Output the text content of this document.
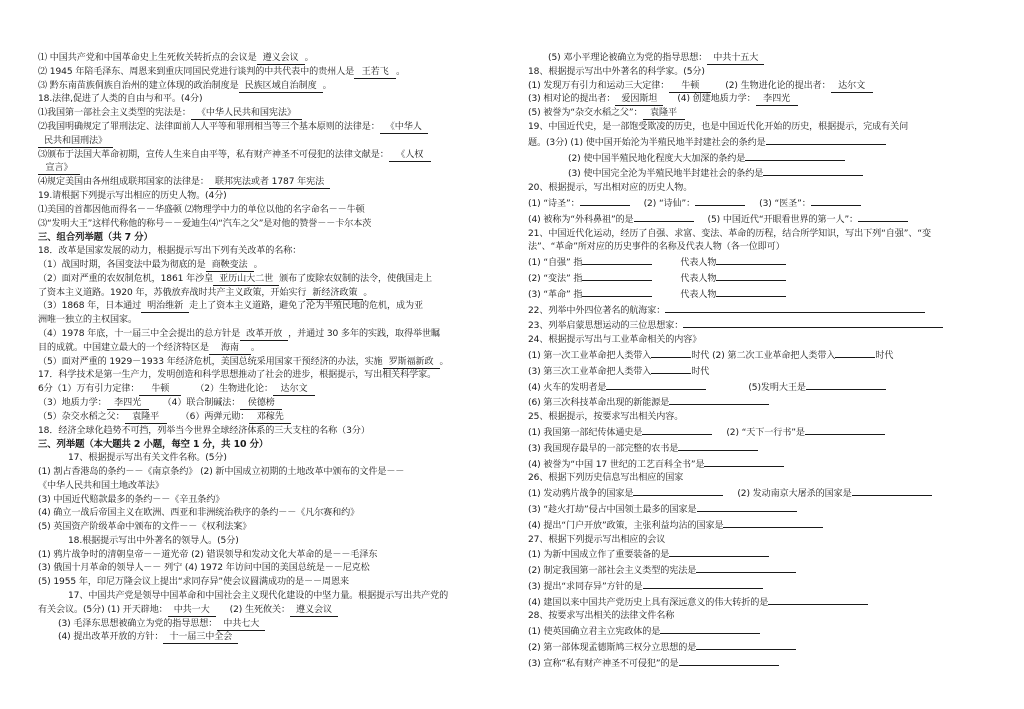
⑴ 中国共产党和中国革命史上生死攸关转折点的会议是 遵义会议 。
⑵ 1945 年陪毛泽东、周恩来到重庆同国民党进行谈判的中共代表中的贵州人是 王若飞 。
⑶ 黔东南苗族侗族自治州的建立体现的政治制度是 民族区域自治制度 。
18.法律,促进了人类的自由与和平。(4分)
⑴我国第一部社会主义类型的宪法是： 《中华人民共和国宪法》
⑵我国明确规定了罪刑法定、法律面前人人平等和罪刑相当等三个基本原则的法律是： 《中华人
民共和国刑法》
⑶颁布于法国大革命初期，宣传人生来自由平等，私有财产神圣不可侵犯的法律文献是： 《人权
宣言》
⑷规定美国由各州组成联邦国家的法律是： 联邦宪法或者 1787 年宪法
19.请根据下列提示写出相应的历史人物。(4分)
⑴美国的首都因他而得名－－华盛顿 ⑵物理学中力的单位以他的名字命名－－牛顿
⑶“发明大王”这样代称他的称号－－爱迪生⑷“汽车之父”是对他的赞誉－－卡尔本茨
三、组合列举题（共 7 分）
18．改革是国家发展的动力，根据提示写出下列有关改革的名称：
（1）战国时期，各国变法中最为彻底的是 商鞅变法 。
（2）面对严重的农奴制危机，1861 年沙皇 亚历山大二世 颁布了废除农奴制的法令，使俄国走上
了资本主义道路。1920 年，苏俄放弃战时共产主义政策，开始实行 新经济政策 。
（3）1868 年，日本通过 明治维新 走上了资本主义道路，避免了沦为半殖民地的危机，成为亚
洲唯一独立的主权国家。
（4）1978 年底，十一届三中全会提出的总方针是 改革开放 ，并通过 30 多年的实践，取得举世瞩
目的成就。中国建立最大的一个经济特区是 海南 。
（5）面对严重的 1929－1933 年经济危机，美国总统采用国家干预经济的办法，实施 罗斯福新政 。
17．科学技术是第一生产力，发明创造和科学思想推动了社会的进步，根据提示，写出相关科学家。
6分（1）万有引力定律： 牛顿	（2）生物进化论： 达尔文
（3）地质力学： 李四光 （4）联合制碱法： 侯德榜
（5）杂交水稻之父： 袁隆平 （6）两弹元勋： 邓稼先
18．经济全球化趋势不可挡，列举当今世界全球经济体系的三大支柱的名称（3分）
三、列举题（本大题共 2 小题，每空 1 分，共 10 分）
17、根据提示写出有关文件名称。(5分)
(1) 割占香港岛的条约－－《南京条约》 (2) 新中国成立初期的土地改革中颁布的文件是－－
《中华人民共和国土地改革法》
(3) 中国近代赔款最多的条约－－《辛丑条约》
(4) 确立一战后帝国主义在欧洲、西亚和非洲统治秩序的条约－－《凡尔赛和约》
(5) 英国资产阶级革命中颁布的文件－－《权利法案》
18.根据提示写出中外著名的领导人。(5分)
(1) 鸦片战争时的清朝皇帝－－道光帝 (2) 错误领导和发动文化大革命的是－－毛泽东
(3) 俄国十月革命的领导人－－ 列宁 (4) 1972 年访问中国的美国总统是－－尼克松
(5) 1955 年，印尼万隆会议上提出“求同存异”使会议圆满成功的是－－周恩来
17、中国共产党是领导中国革命和中国社会主义现代化建设的中坚力量。根据提示写出共产党的
有关会议。(5分) (1) 开天辟地： 中共一大 (2) 生死攸关： 遵义会议
(3) 毛泽东思想被确立为党的指导思想： 中共七大
(4) 提出改革开放的方针： 十一届三中全会
(5) 邓小平理论被确立为党的指导思想： 中共十五大
18、根据提示写出中外著名的科学家。(5分)
(1) 发现万有引力和运动三大定律： 牛顿	(2) 生物进化论的提出者： 达尔文
(3) 相对论的提出者： 爱因斯坦 (4) 创建地质力学： 李四光
(5) 被誉为“杂交水稻之父”： 袁隆平
19、中国近代史，是一部饱受欺凌的历史，也是中国近代化开始的历史，根据提示，完成有关问
题。(3分) (1) 使中国开始沦为半殖民地半封建社会的条约是
(2) 使中国半殖民地化程度大大加深的条约是
(3) 使中国完全沦为半殖民地半封建社会的条约是
20、根据提示，写出相对应的历史人物。
(1) “诗圣”：	(2) “诗仙”：	(3) “医圣”：
(4) 被称为“外科鼻祖”的是	(5) 中国近代“开眼看世界的第一人”：
21、中国近代化运动，经历了自强、求富、变法、革命的历程，结合所学知识，写出下列“自强”、“变
法”、“革命”所对应的历史事件的名称及代表人物（各一位即可）
(1) “自强” 指	代表人物
(2) “变法” 指	代表人物
(3) “革命” 指	代表人物
22、列举中外四位著名的航海家：
23、列举启蒙思想运动的三位思想家：
24、根据提示写出与工业革命相关的内容》
(1) 第一次工业革命把人类带入	时代 (2) 第二次工业革命把人类带入	时代
(3) 第三次工业革命把人类带入	时代
(4) 火车的发明者是	(5)发明大王是
(6) 第三次科技革命出现的新能源是
25、根据提示，按要求写出相关内容。
(1) 我国第一部纪传体通史是	(2) “天下一行书”是
(3) 我国现存最早的一部完整的农书是
(4) 被誉为“中国 17 世纪的工艺百科全书”是
26、根据下列历史信息写出相应的国家
(1) 发动鸦片战争的国家是	(2) 发动南京大屠杀的国家是
(3) “趁火打劫”侵占中国领土最多的国家是
(4) 提出“门户开放”政策，主张利益均沾的国家是
27、根据下列提示写出相应的会议
(1) 为新中国成立作了重要装备的是
(2) 制定我国第一部社会主义类型的宪法是
(3) 提出“求同存异”方针的是
(4) 建国以来中国共产党历史上具有深远意义的伟大转折的是
28、按要求写出相关的法律文件名称
(1) 使英国确立君主立宪政体的是
(2) 第一部体现孟德斯鸠三权分立思想的是
(3) 宣称“私有财产神圣不可侵犯”的是
